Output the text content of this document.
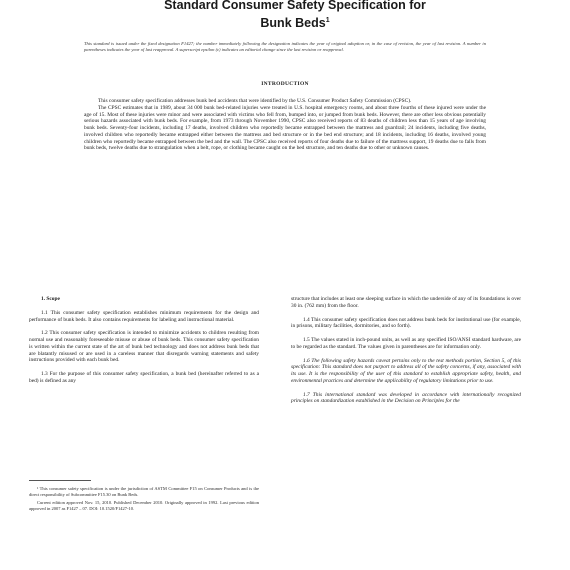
Standard Consumer Safety Specification for
Bunk Beds$^1$
This standard is issued under the fixed designation F1427; the number immediately following the designation indicates the year of original adoption or, in the case of revision, the year of last revision. A number in parentheses indicates the year of last reapproval. A superscript epsilon (ε) indicates an editorial change since the last revision or reapproval.
INTRODUCTION

This consumer safety specification addresses bunk bed accidents that were identified by the U.S. Consumer Product Safety Commission (CPSC).

The CPSC estimates that in 1989, about 34 000 bunk bed-related injuries were treated in U.S. hospital emergency rooms, and about three fourths of these injured were under the age of 15. Most of these injuries were minor and were associated with victims who fell from, bumped into, or jumped from bunk beds. However, there are other less obvious potentially serious hazards associated with bunk beds. For example, from 1973 through November 1990, CPSC also received reports of 83 deaths of children less than 15 years of age involving bunk beds. Seventy-four incidents, including 17 deaths, involved children who reportedly became entrapped between the mattress and guardrail; 24 incidents, including five deaths, involved children who reportedly became entrapped either between the mattress and bed structure or in the bed end structure; and 18 incidents, including 16 deaths, involved young children who reportedly became entrapped between the bed and the wall. The CPSC also received reports of four deaths due to failure of the mattress support, 19 deaths due to falls from bunk beds, twelve deaths due to strangulation when a belt, rope, or clothing became caught on the bed structure, and ten deaths due to other or unknown causes.

1. Scope

1.1 This consumer safety specification establishes minimum requirements for the design and performance of bunk beds. It also contains requirements for labeling and instructional material.

1.2 This consumer safety specification is intended to minimize accidents to children resulting from normal use and reasonably foreseeable misuse or abuse of bunk beds. This consumer safety specification is written within the current state of the art of bunk bed technology and does not address bunk beds that are blatantly misused or are used in a careless manner that disregards warning statements and safety instructions provided with each bunk bed.

1.3 For the purpose of this consumer safety specification, a bunk bed (hereinafter referred to as a bed) is defined as any

¹ This consumer safety specification is under the jurisdiction of ASTM Committee F15 on Consumer Products and is the direct responsibility of Subcommittee F15.30 on Bunk Beds.

Current edition approved Nov. 15, 2010. Published December 2010. Originally approved in 1992. Last previous edition approved in 2007 as F1427 – 07. DOI: 10.1520/F1427-10.

structure that includes at least one sleeping surface in which the underside of any of its foundations is over 30 in. (762 mm) from the floor.

1.4 This consumer safety specification does not address bunk beds for institutional use (for example, in prisons, military facilities, dormitories, and so forth).

1.5 The values stated in inch-pound units, as well as any specified ISO/ANSI standard hardware, are to be regarded as the standard. The values given in parentheses are for information only.

1.6 The following safety hazards caveat pertains only to the test methods portion, Section 5, of this specification: This standard does not purport to address all of the safety concerns, if any, associated with its use. It is the responsibility of the user of this standard to establish appropriate safety, health, and environmental practices and determine the applicability of regulatory limitations prior to use.

1.7 This international standard was developed in accordance with internationally recognized principles on standardization established in the Decision on Principles for the
